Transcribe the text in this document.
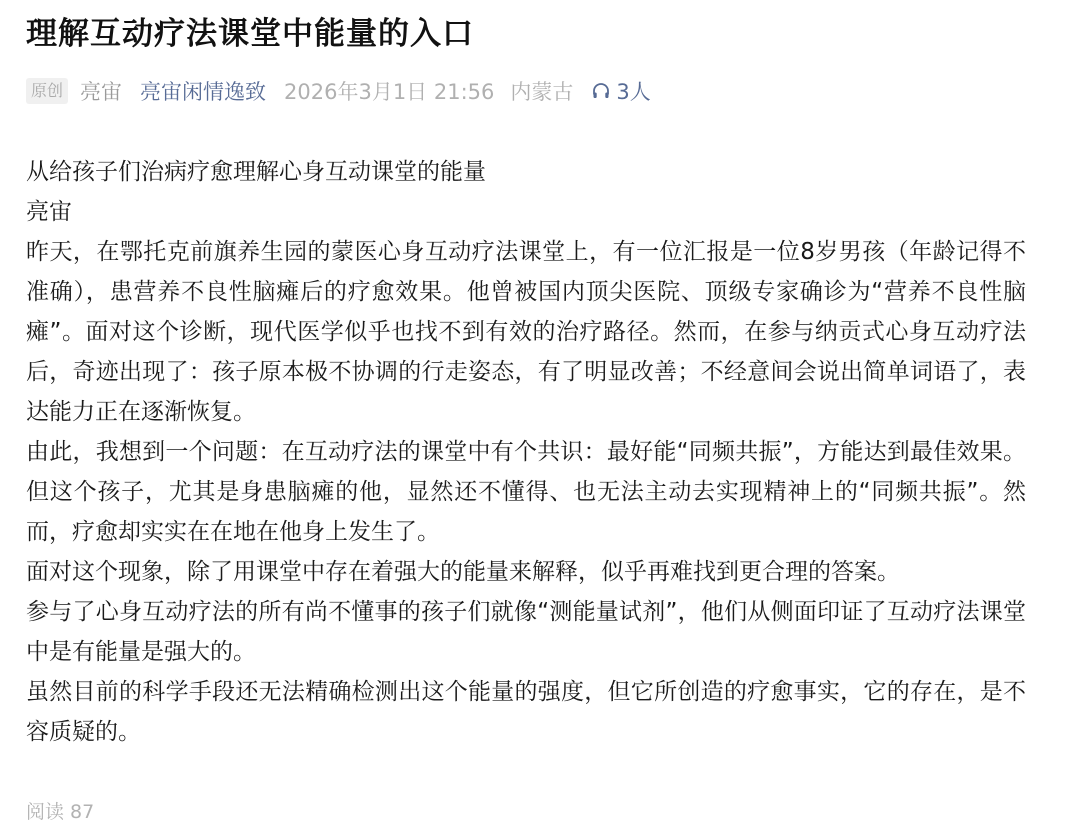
理解互动疗法课堂中能量的入口
原创 亮宙 亮宙闲情逸致 2026年3月1日 21:56 内蒙古 3人

从给孩子们治病疗愈理解心身互动课堂的能量

亮宙

昨天，在鄂托克前旗养生园的蒙医心身互动疗法课堂上，有一位汇报是一位8岁男孩（年龄记得不准确），患营养不良性脑瘫后的疗愈效果。他曾被国内顶尖医院、顶级专家确诊为“营养不良性脑瘫”。面对这个诊断，现代医学似乎也找不到有效的治疗路径。然而，在参与纳贡式心身互动疗法后，奇迹出现了：孩子原本极不协调的行走姿态，有了明显改善；不经意间会说出简单词语了，表达能力正在逐渐恢复。

由此，我想到一个问题：在互动疗法的课堂中有个共识：最好能“同频共振”，方能达到最佳效果。但这个孩子，尤其是身患脑瘫的他，显然还不懂得、也无法主动去实现精神上的“同频共振”。然而，疗愈却实实在在地在他身上发生了。

面对这个现象，除了用课堂中存在着强大的能量来解释，似乎再难找到更合理的答案。

参与了心身互动疗法的所有尚不懂事的孩子们就像“测能量试剂”，他们从侧面印证了互动疗法课堂中是有能量是强大的。

虽然目前的科学手段还无法精确检测出这个能量的强度，但它所创造的疗愈事实，它的存在，是不容质疑的。

阅读 87
